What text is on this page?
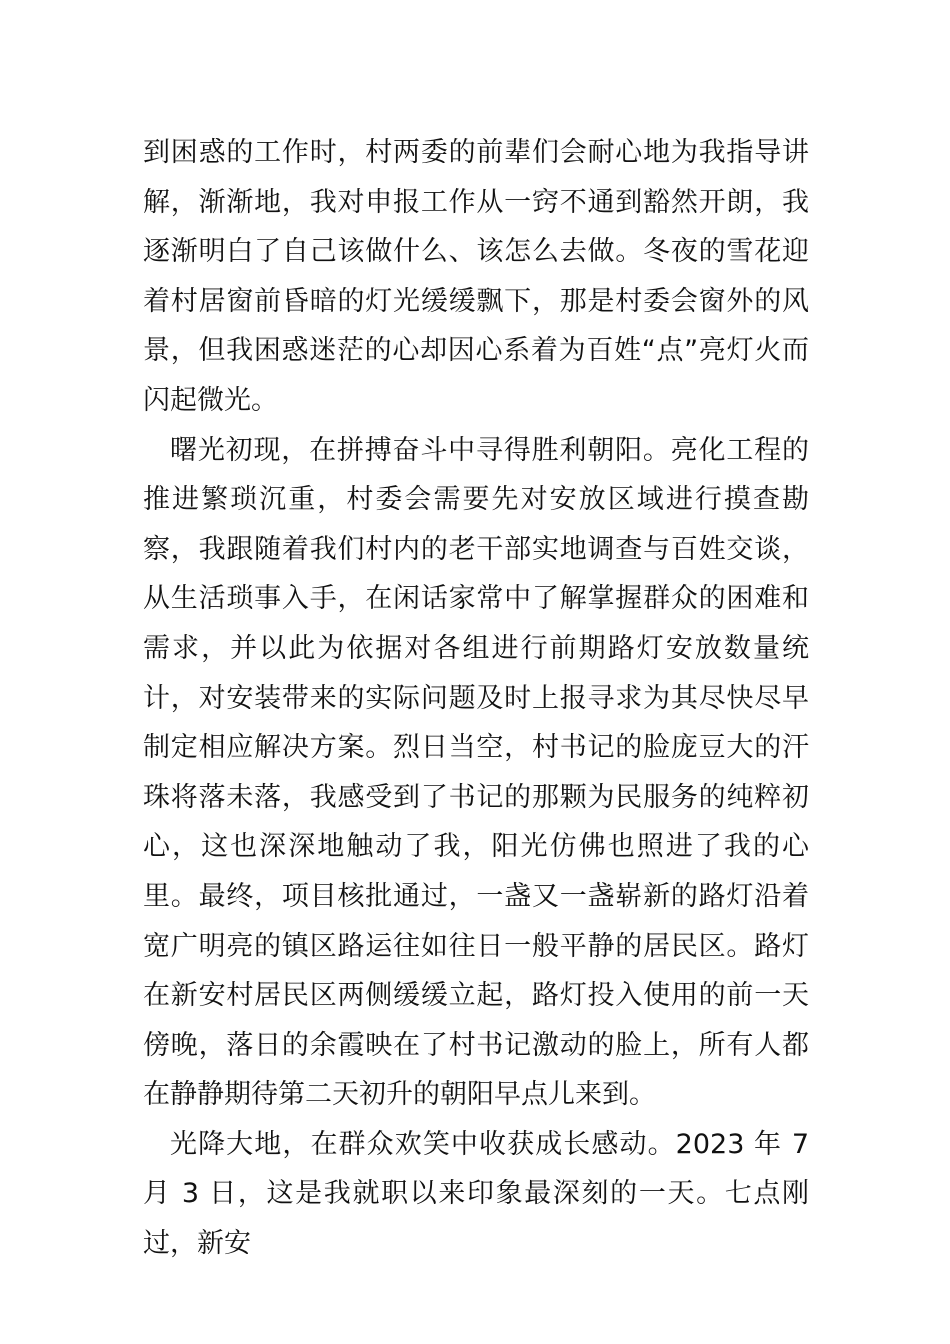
到困惑的工作时，村两委的前辈们会耐心地为我指导讲解，渐渐地，我对申报工作从一窍不通到豁然开朗，我逐渐明白了自己该做什么、该怎么去做。冬夜的雪花迎着村居窗前昏暗的灯光缓缓飘下，那是村委会窗外的风景，但我困惑迷茫的心却因心系着为百姓“点”亮灯火而闪起微光。

曙光初现，在拼搏奋斗中寻得胜利朝阳。亮化工程的推进繁琐沉重，村委会需要先对安放区域进行摸查勘察，我跟随着我们村内的老干部实地调查与百姓交谈，从生活琐事入手，在闲话家常中了解掌握群众的困难和需求，并以此为依据对各组进行前期路灯安放数量统计，对安装带来的实际问题及时上报寻求为其尽快尽早制定相应解决方案。烈日当空，村书记的脸庞豆大的汗珠将落未落，我感受到了书记的那颗为民服务的纯粹初心，这也深深地触动了我，阳光仿佛也照进了我的心里。最终，项目核批通过，一盏又一盏崭新的路灯沿着宽广明亮的镇区路运往如往日一般平静的居民区。路灯在新安村居民区两侧缓缓立起，路灯投入使用的前一天傍晚，落日的余霞映在了村书记激动的脸上，所有人都在静静期待第二天初升的朝阳早点儿来到。

光降大地，在群众欢笑中收获成长感动。2023 年 7 月 3 日，这是我就职以来印象最深刻的一天。七点刚过，新安
